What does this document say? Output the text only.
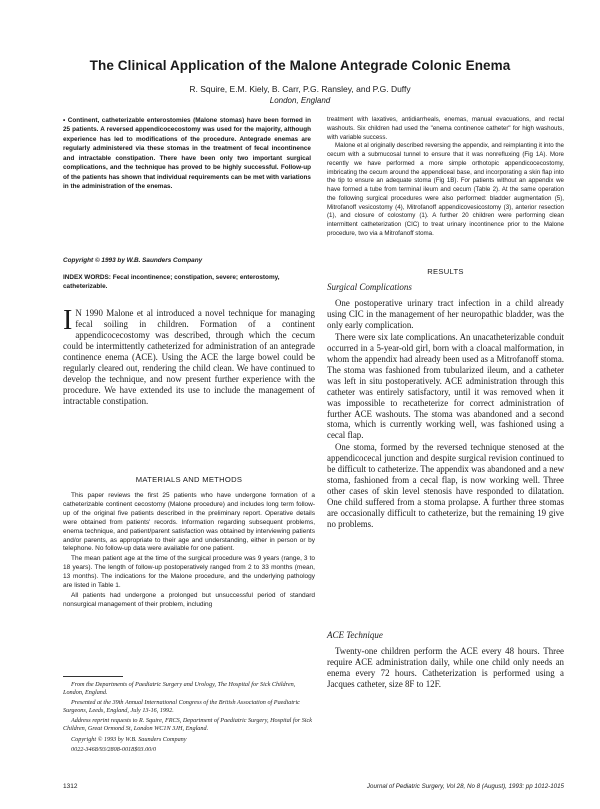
The Clinical Application of the Malone Antegrade Colonic Enema
R. Squire, E.M. Kiely, B. Carr, P.G. Ransley, and P.G. Duffy
London, England
• Continent, catheterizable enterostomies (Malone stomas) have been formed in 25 patients. A reversed appendicocecostomy was used for the majority, although experience has led to modifications of the procedure. Antegrade enemas are regularly administered via these stomas in the treatment of fecal incontinence and intractable constipation. There have been only two important surgical complications, and the technique has proved to be highly successful. Follow-up of the patients has shown that individual requirements can be met with variations in the administration of the enemas.
Copyright © 1993 by W.B. Saunders Company
INDEX WORDS: Fecal incontinence; constipation, severe; enterostomy, catheterizable.
I N 1990 Malone et al introduced a novel technique for managing fecal soiling in children. Formation of a continent appendicocecostomy was described, through which the cecum could be intermittently catheterized for administration of an antegrade continence enema (ACE). Using the ACE the large bowel could be regularly cleared out, rendering the child clean. We have continued to develop the technique, and now present further experience with the procedure. We have extended its use to include the management of intractable constipation.
MATERIALS AND METHODS

This paper reviews the first 25 patients who have undergone formation of a catheterizable continent cecostomy (Malone procedure) and includes long term follow-up of the original five patients described in the preliminary report. Operative details were obtained from patients' records. Information regarding subsequent problems, enema technique, and patient/parent satisfaction was obtained by interviewing patients and/or parents, as appropriate to their age and understanding, either in person or by telephone. No follow-up data were available for one patient.

The mean patient age at the time of the surgical procedure was 9 years (range, 3 to 18 years). The length of follow-up postoperatively ranged from 2 to 33 months (mean, 13 months). The indications for the Malone procedure, and the underlying pathology are listed in Table 1.

All patients had undergone a prolonged but unsuccessful period of standard nonsurgical management of their problem, including

From the Departments of Paediatric Surgery and Urology, The Hospital for Sick Children, London, England.

Presented at the 39th Annual International Congress of the British Association of Paediatric Surgeons, Leeds, England, July 13-16, 1992.

Address reprint requests to R. Squire, FRCS, Department of Paediatric Surgery, Hospital for Sick Children, Great Ormond St, London WC1N 3JH, England.

Copyright © 1993 by W.B. Saunders Company

0022-3468/93/2808-0018$03.00/0

treatment with laxatives, antidiarrheals, enemas, manual evacuations, and rectal washouts. Six children had used the "enema continence catheter" for high washouts, with variable success.

Malone et al originally described reversing the appendix, and reimplanting it into the cecum with a submucosal tunnel to ensure that it was nonrefluxing (Fig 1A). More recently we have performed a more simple orthotopic appendicocecostomy, imbricating the cecum around the appendiceal base, and incorporating a skin flap into the tip to ensure an adequate stoma (Fig 1B). For patients without an appendix we have formed a tube from terminal ileum and cecum (Table 2). At the same operation the following surgical procedures were also performed: bladder augmentation (5), Mitrofanoff vesicostomy (4), Mitrofanoff appendicovesicostomy (3), anterior resection (1), and closure of colostomy (1). A further 20 children were performing clean intermittent catheterization (CIC) to treat urinary incontinence prior to the Malone procedure, two via a Mitrofanoff stoma.

RESULTS
Surgical Complications

One postoperative urinary tract infection in a child already using CIC in the management of her neuropathic bladder, was the only early complication.

There were six late complications. An unacatheterizable conduit occurred in a 5-year-old girl, born with a cloacal malformation, in whom the appendix had already been used as a Mitrofanoff stoma. The stoma was fashioned from tubularized ileum, and a catheter was left in situ postoperatively. ACE administration through this catheter was entirely satisfactory, until it was removed when it was impossible to recatheterize for correct administration of further ACE washouts. The stoma was abandoned and a second stoma, which is currently working well, was fashioned using a cecal flap.

One stoma, formed by the reversed technique stenosed at the appendicocecal junction and despite surgical revision continued to be difficult to catheterize. The appendix was abandoned and a new stoma, fashioned from a cecal flap, is now working well. Three other cases of skin level stenosis have responded to dilatation. One child suffered from a stoma prolapse. A further three stomas are occasionally difficult to catheterize, but the remaining 19 give no problems.

ACE Technique

Twenty-one children perform the ACE every 48 hours. Three require ACE administration daily, while one child only needs an enema every 72 hours. Catheterization is performed using a Jacques catheter, size 8F to 12F.

1312	Journal of Pediatric Surgery, Vol 28, No 8 (August), 1993: pp 1012-1015
